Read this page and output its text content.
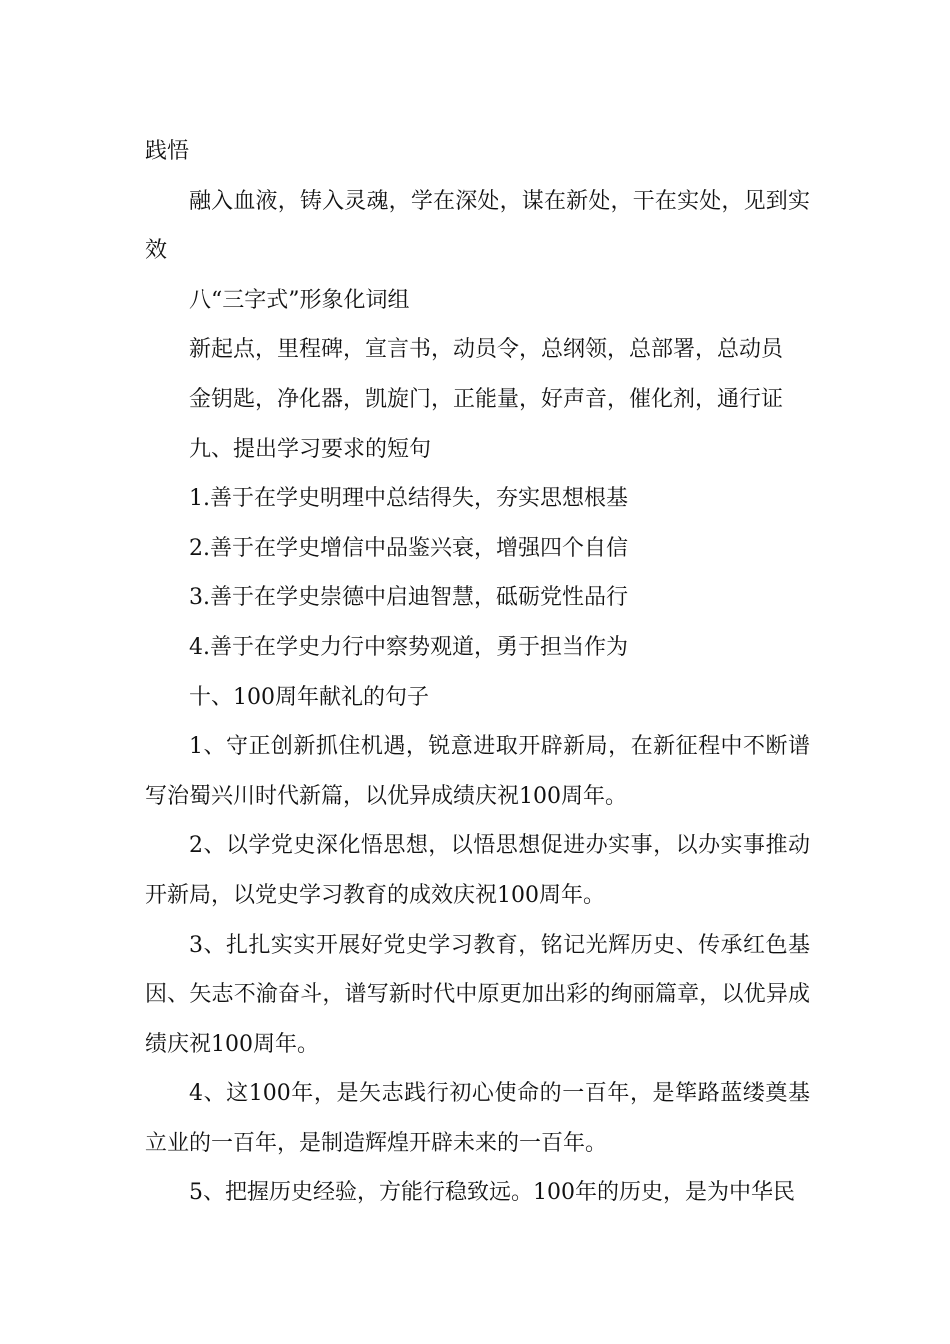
践悟

融入血液，铸入灵魂，学在深处，谋在新处，干在实处，见到实效

八“三字式”形象化词组

新起点，里程碑，宣言书，动员令，总纲领，总部署，总动员

金钥匙，净化器，凯旋门，正能量，好声音，催化剂，通行证

九、提出学习要求的短句

1.善于在学史明理中总结得失，夯实思想根基

2.善于在学史增信中品鉴兴衰，增强四个自信

3.善于在学史崇德中启迪智慧，砥砺党性品行

4.善于在学史力行中察势观道，勇于担当作为

十、100周年献礼的句子

1、守正创新抓住机遇，锐意进取开辟新局，在新征程中不断谱写治蜀兴川时代新篇，以优异成绩庆祝100周年。

2、以学党史深化悟思想，以悟思想促进办实事，以办实事推动开新局，以党史学习教育的成效庆祝100周年。

3、扎扎实实开展好党史学习教育，铭记光辉历史、传承红色基因、矢志不渝奋斗，谱写新时代中原更加出彩的绚丽篇章，以优异成绩庆祝100周年。

4、这100年，是矢志践行初心使命的一百年，是筚路蓝缕奠基立业的一百年，是制造辉煌开辟未来的一百年。

5、把握历史经验，方能行稳致远。100年的历史，是为中华民
